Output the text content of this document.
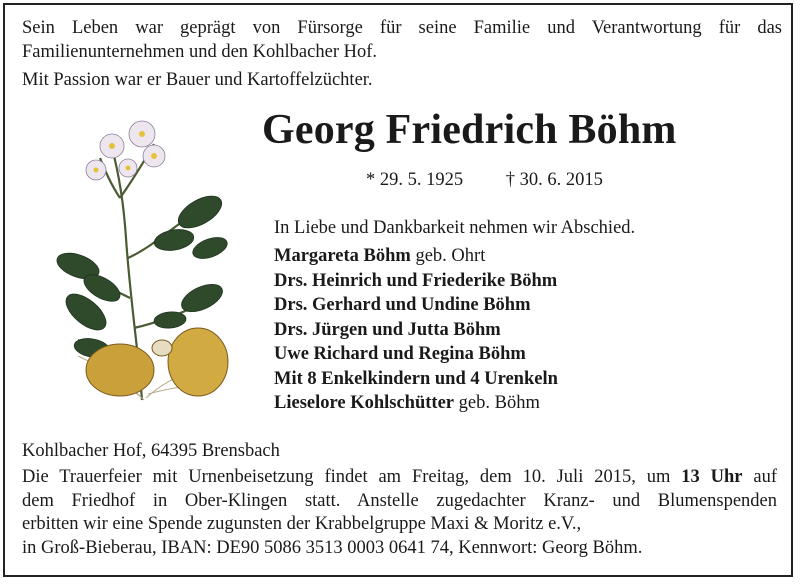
Sein Leben war geprägt von Fürsorge für seine Familie und Verantwortung für das Familienunternehmen und den Kohlbacher Hof.

Mit Passion war er Bauer und Kartoffelzüchter.

Georg Friedrich Böhm
* 29. 5. 1925 † 30. 6. 2015
In Liebe und Dankbarkeit nehmen wir Abschied.
Margareta Böhm geb. Ohrt
Drs. Heinrich und Friederike Böhm
Drs. Gerhard und Undine Böhm
Drs. Jürgen und Jutta Böhm
Uwe Richard und Regina Böhm
Mit 8 Enkelkindern und 4 Urenkeln
Lieselore Kohlschütter geb. Böhm
Kohlbacher Hof, 64395 Brensbach
Die Trauerfeier mit Urnenbeisetzung findet am Freitag, dem 10. Juli 2015, um 13 Uhr auf
dem Friedhof in Ober-Klingen statt. Anstelle zugedachter Kranz- und Blumenspenden
erbitten wir eine Spende zugunsten der Krabbelgruppe Maxi & Moritz e.V.,
in Groß-Bieberau, IBAN: DE90 5086 3513 0003 0641 74, Kennwort: Georg Böhm.
